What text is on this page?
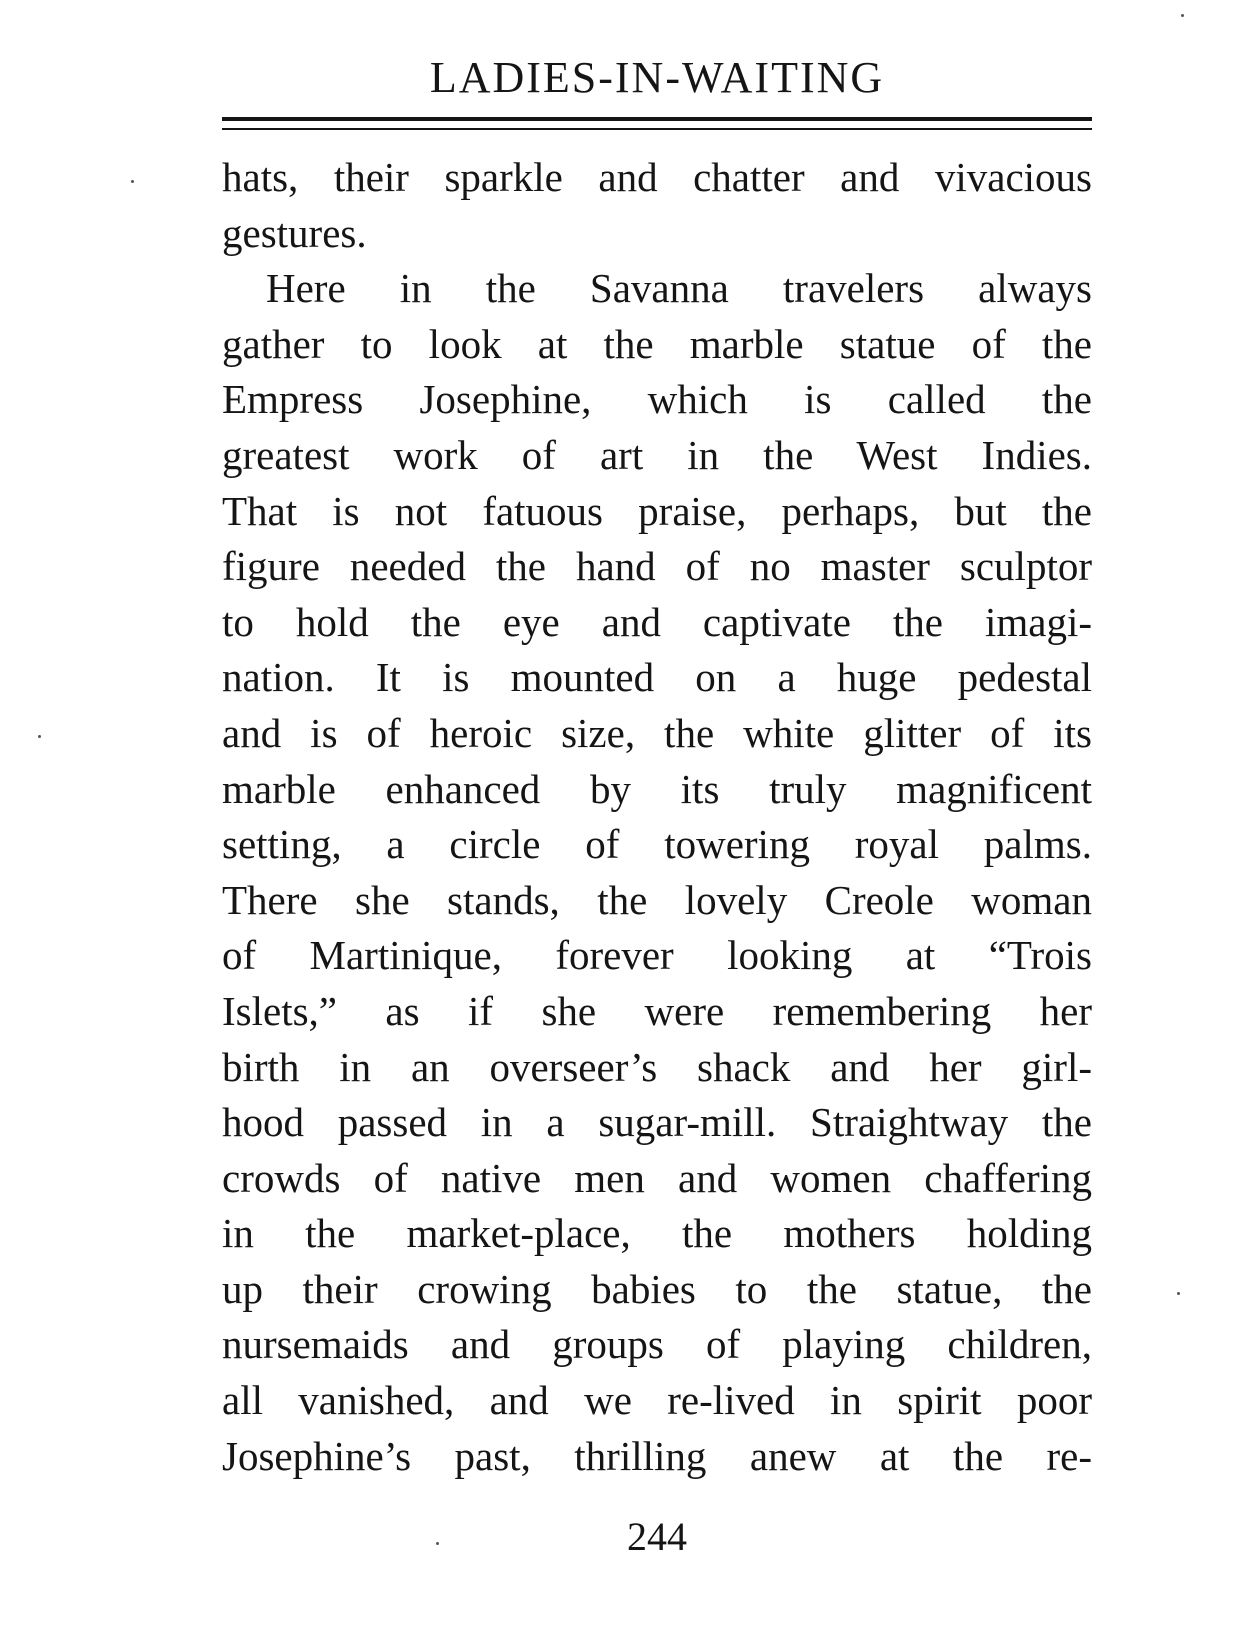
LADIES-IN-WAITING
hats, their sparkle and chatter and vivacious
gestures.
Here in the Savanna travelers always
gather to look at the marble statue of the
Empress Josephine, which is called the
greatest work of art in the West Indies.
That is not fatuous praise, perhaps, but the
figure needed the hand of no master sculptor
to hold the eye and captivate the imagi-
nation. It is mounted on a huge pedestal
and is of heroic size, the white glitter of its
marble enhanced by its truly magnificent
setting, a circle of towering royal palms.
There she stands, the lovely Creole woman
of Martinique, forever looking at “Trois
Islets,” as if she were remembering her
birth in an overseer’s shack and her girl-
hood passed in a sugar-mill. Straightway the
crowds of native men and women chaffering
in the market-place, the mothers holding
up their crowing babies to the statue, the
nursemaids and groups of playing children,
all vanished, and we re-lived in spirit poor
Josephine’s past, thrilling anew at the re-
244
